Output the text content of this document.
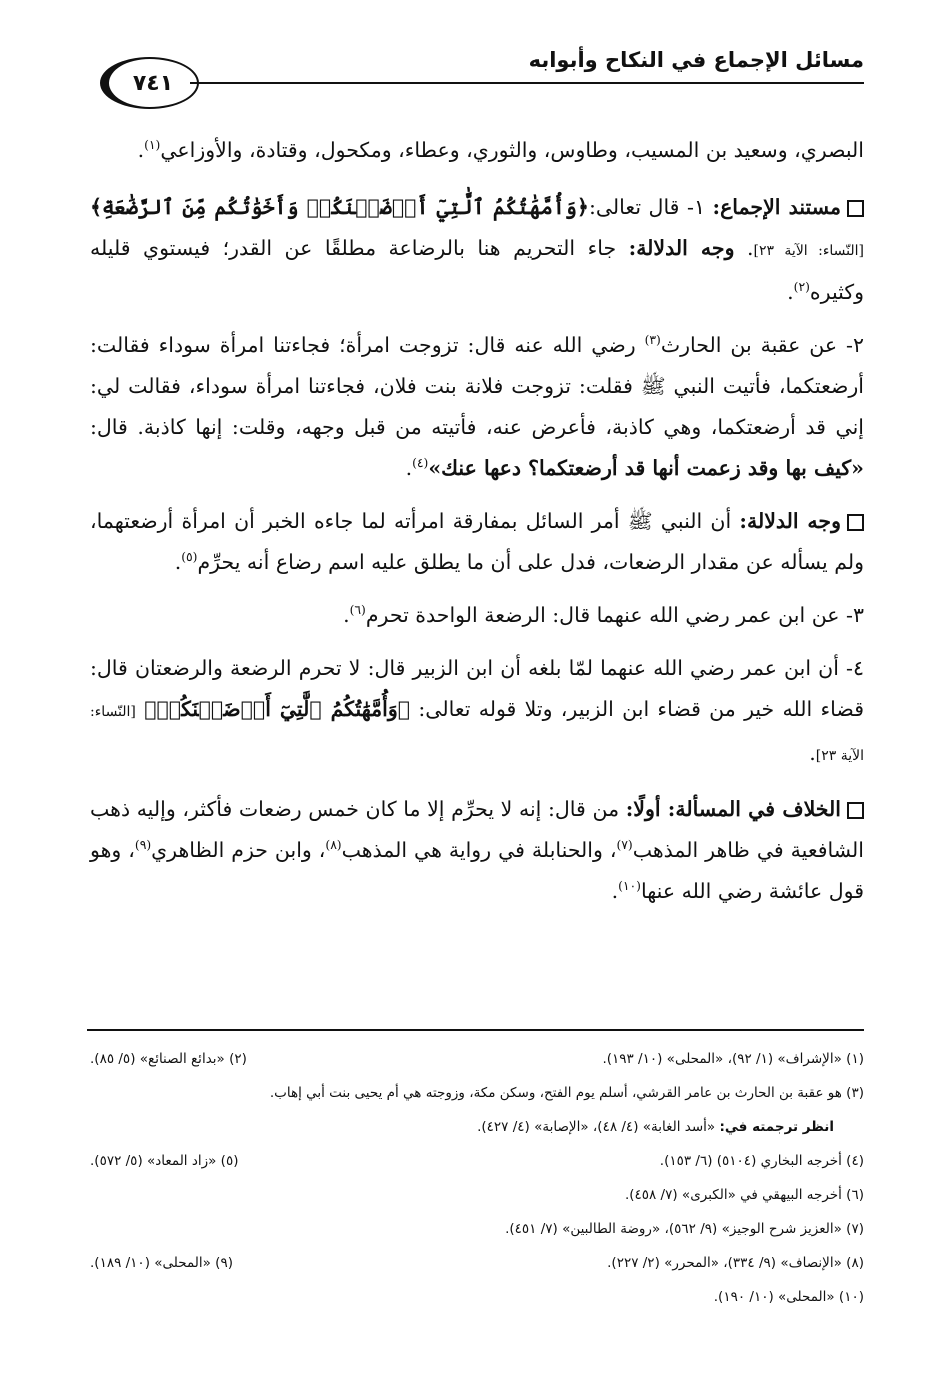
مسائل الإجماع في النكاح وأبوابه
٧٤١

البصري، وسعيد بن المسيب، وطاوس، والثوري، وعطاء، ومكحول، وقتادة، والأوزاعي$^{(١)}$.

مستند الإجماع: ١- قال تعالى:﴿وَأُمَّهَٰتُكُمُ ٱلَّٰتِيٓ أَرۡضَعۡنَكُمۡ وَأَخَوَٰتُكُم مِّنَ ٱلرَّضَٰعَةِ﴾ [النّساء: الآية ٢٣]. وجه الدلالة: جاء التحريم هنا بالرضاعة مطلقًا عن القدر؛ فيستوي قليله وكثيره$^{(٢)}$.

٢- عن عقبة بن الحارث$^{(٣)}$ رضي الله عنه قال: تزوجت امرأة؛ فجاءتنا امرأة سوداء فقالت: أرضعتكما، فأتيت النبي ﷺ فقلت: تزوجت فلانة بنت فلان، فجاءتنا امرأة سوداء، فقالت لي: إني قد أرضعتكما، وهي كاذبة، فأعرض عنه، فأتيته من قبل وجهه، وقلت: إنها كاذبة. قال: «كيف بها وقد زعمت أنها قد أرضعتكما؟ دعها عنك»$^{(٤)}$.

وجه الدلالة: أن النبي ﷺ أمر السائل بمفارقة امرأته لما جاءه الخبر أن امرأة أرضعتهما، ولم يسأله عن مقدار الرضعات، فدل على أن ما يطلق عليه اسم رضاع أنه يحرِّم$^{(٥)}$.

٣- عن ابن عمر رضي الله عنهما قال: الرضعة الواحدة تحرم$^{(٦)}$.

٤- أن ابن عمر رضي الله عنهما لمّا بلغه أن ابن الزبير قال: لا تحرم الرضعة والرضعتان قال: قضاء الله خير من قضاء ابن الزبير، وتلا قوله تعالى: ﴿وَأُمَّهَٰتُكُمُ ٱلَّٰتِيٓ أَرۡضَعۡنَكُمۡ﴾ [النّساء: الآية ٢٣].

الخلاف في المسألة: أولًا: من قال: إنه لا يحرِّم إلا ما كان خمس رضعات فأكثر، وإليه ذهب الشافعية في ظاهر المذهب$^{(٧)}$، والحنابلة في رواية هي المذهب$^{(٨)}$، وابن حزم الظاهري$^{(٩)}$، وهو قول عائشة رضي الله عنها$^{(١٠)}$.

(١) «الإشراف» (١/ ٩٢)، «المحلى» (١٠/ ١٩٣).
(٢) «بدائع الصنائع» (٥/ ٨٥).
(٣) هو عقبة بن الحارث بن عامر القرشي، أسلم يوم الفتح، وسكن مكة، وزوجته هي أم يحيى بنت أبي إهاب.
انظر ترجمته في: «أسد الغابة» (٤/ ٤٨)، «الإصابة» (٤/ ٤٢٧).
(٤) أخرجه البخاري (٥١٠٤) (٦/ ١٥٣).
(٥) «زاد المعاد» (٥/ ٥٧٢).
(٦) أخرجه البيهقي في «الكبرى» (٧/ ٤٥٨).
(٧) «العزيز شرح الوجيز» (٩/ ٥٦٢)، «روضة الطالبين» (٧/ ٤٥١).
(٨) «الإنصاف» (٩/ ٣٣٤)، «المحرر» (٢/ ٢٢٧).
(٩) «المحلى» (١٠/ ١٨٩).
(١٠) «المحلى» (١٠/ ١٩٠).
